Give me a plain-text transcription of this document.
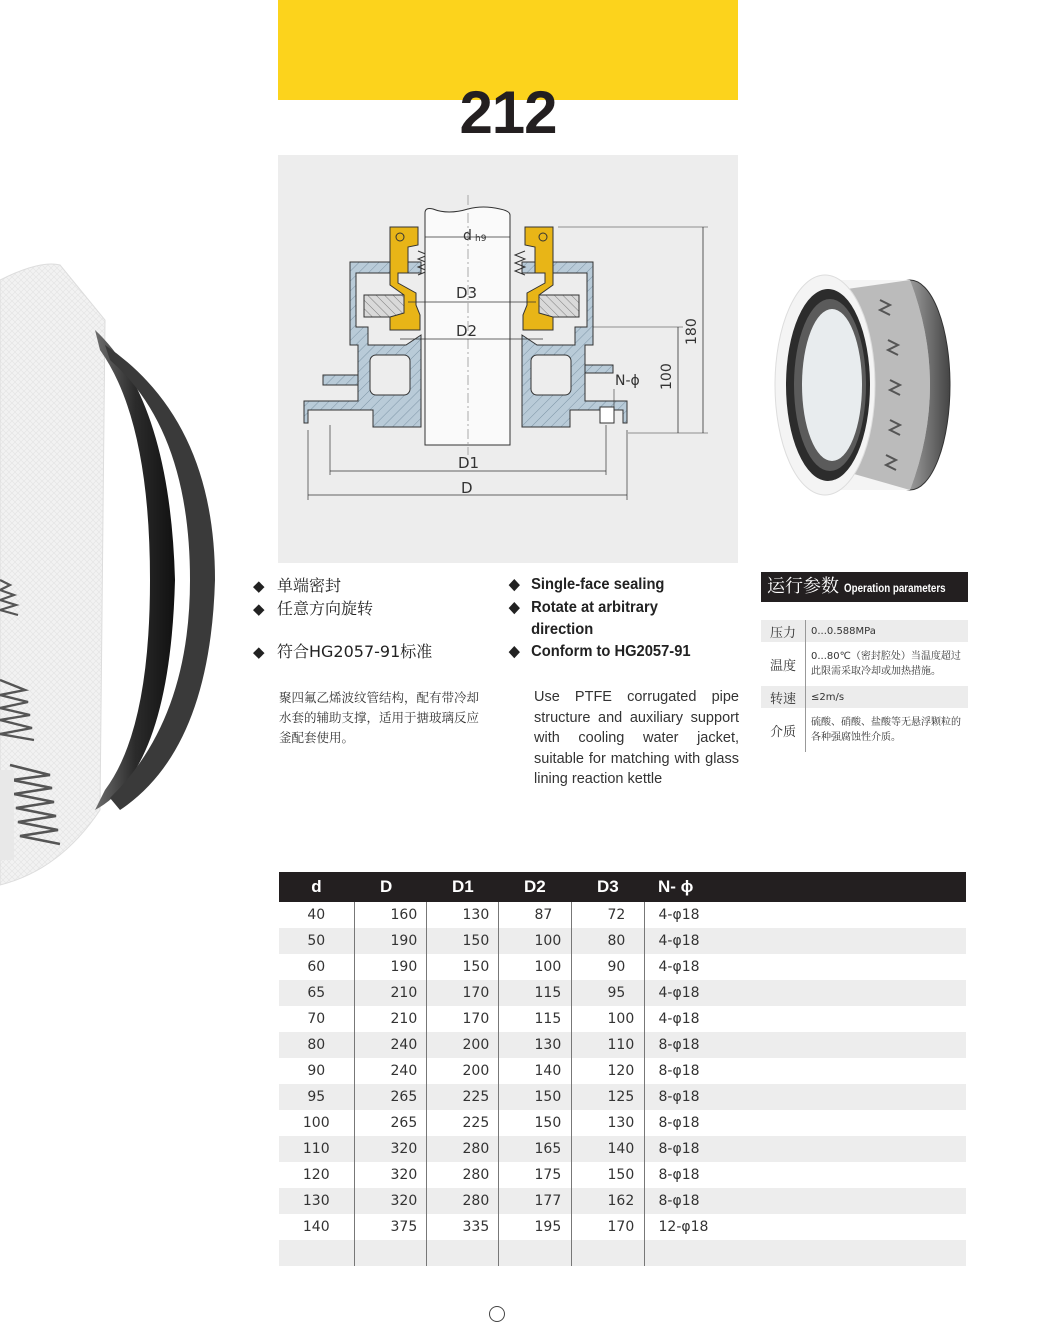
212
d h9
D3
D2
D1
D
180
100
N-ϕ
◆ 单端密封
◆ 任意方向旋转
◆ 符合HG2057-91标准
◆ Single-face sealing
◆ Rotate at arbitrary
direction
◆ Conform to HG2057-91
聚四氟乙烯波纹管结构，配有带冷却水套的辅助支撑，适用于搪玻璃反应釜配套使用。
Use PTFE corrugated pipe structure and auxiliary support with cooling water jacket, suitable for matching with glass lining reaction kettle
运行参数 Operation parameters
压力	0...0.588MPa
温度	0...80℃（密封腔处）当温度超过此限需采取冷却或加热措施。
转速	≤2m/s
介质	硫酸、硝酸、盐酸等无悬浮颗粒的各种强腐蚀性介质。
d	D	D1	D2	D3	N- ϕ
40	160	130	87	72	4-φ18
50	190	150	100	80	4-φ18
60	190	150	100	90	4-φ18
65	210	170	115	95	4-φ18
70	210	170	115	100	4-φ18
80	240	200	130	110	8-φ18
90	240	200	140	120	8-φ18
95	265	225	150	125	8-φ18
100	265	225	150	130	8-φ18
110	320	280	165	140	8-φ18
120	320	280	175	150	8-φ18
130	320	280	177	162	8-φ18
140	375	335	195	170	12-φ18
